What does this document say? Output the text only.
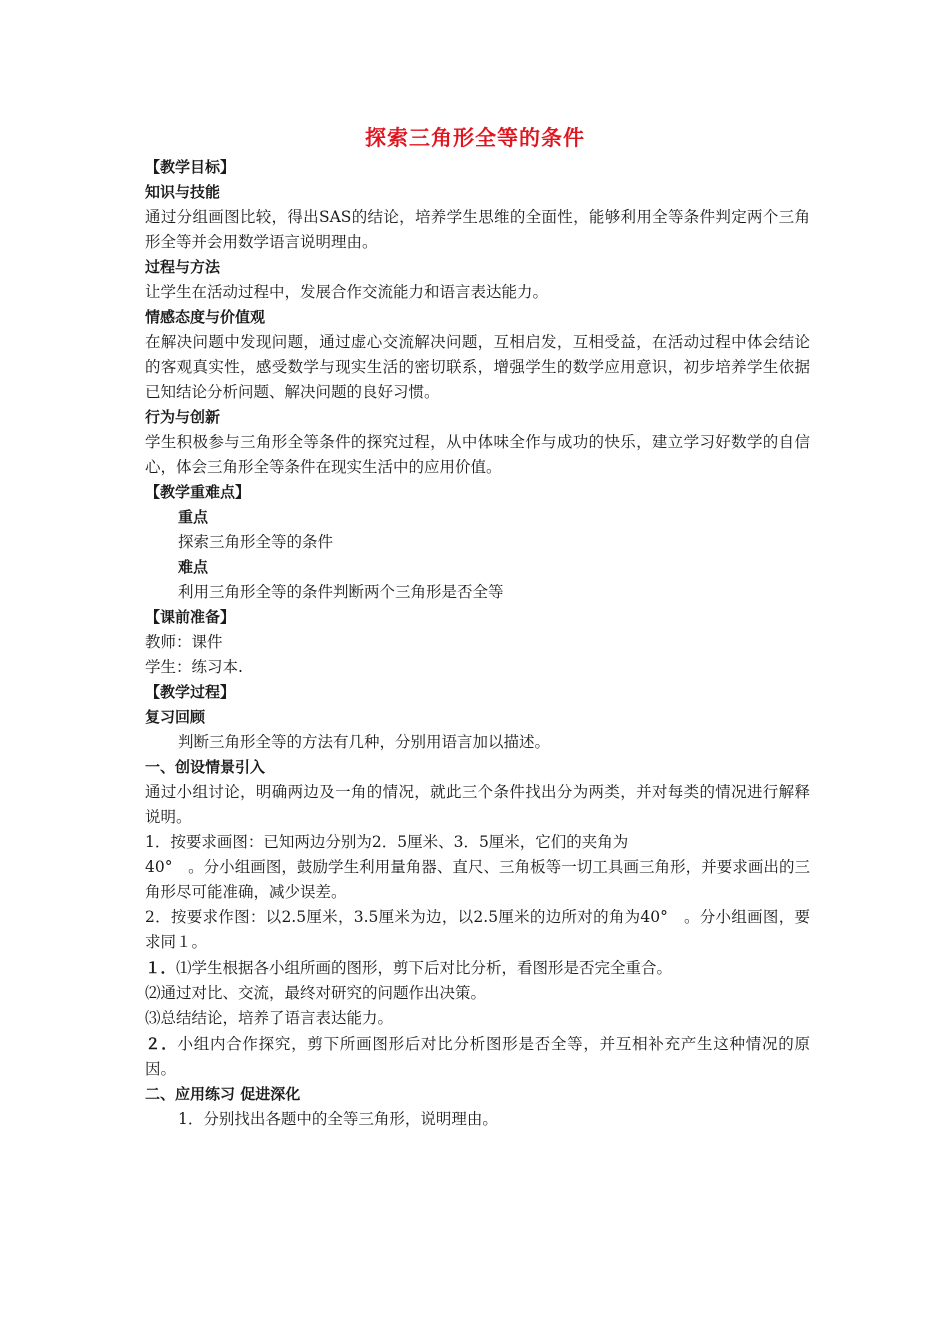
探索三角形全等的条件

【教学目标】

知识与技能

通过分组画图比较，得出SAS的结论，培养学生思维的全面性，能够利用全等条件判定两个三角形全等并会用数学语言说明理由。

过程与方法

让学生在活动过程中，发展合作交流能力和语言表达能力。

情感态度与价值观

在解决问题中发现问题，通过虚心交流解决问题，互相启发，互相受益，在活动过程中体会结论的客观真实性，感受数学与现实生活的密切联系，增强学生的数学应用意识，初步培养学生依据已知结论分析问题、解决问题的良好习惯。

行为与创新

学生积极参与三角形全等条件的探究过程，从中体味全作与成功的快乐，建立学习好数学的自信心，体会三角形全等条件在现实生活中的应用价值。

【教学重难点】

重点

探索三角形全等的条件

难点

利用三角形全等的条件判断两个三角形是否全等

【课前准备】

教师：课件

学生：练习本.

【教学过程】

复习回顾

判断三角形全等的方法有几种，分别用语言加以描述。

一、创设情景引入

通过小组讨论，明确两边及一角的情况，就此三个条件找出分为两类，并对每类的情况进行解释说明。

1．按要求画图：已知两边分别为2．5厘米、3．5厘米，它们的夹角为

40°　。分小组画图，鼓励学生利用量角器、直尺、三角板等一切工具画三角形，并要求画出的三角形尽可能准确，减少误差。

2．按要求作图：以2.5厘米，3.5厘米为边，以2.5厘米的边所对的角为40°　。分小组画图，要求同１。

１．⑴学生根据各小组所画的图形，剪下后对比分析，看图形是否完全重合。

⑵通过对比、交流，最终对研究的问题作出决策。

⑶总结结论，培养了语言表达能力。

２．小组内合作探究，剪下所画图形后对比分析图形是否全等，并互相补充产生这种情况的原因。

二、应用练习 促进深化

1．分别找出各题中的全等三角形，说明理由。
